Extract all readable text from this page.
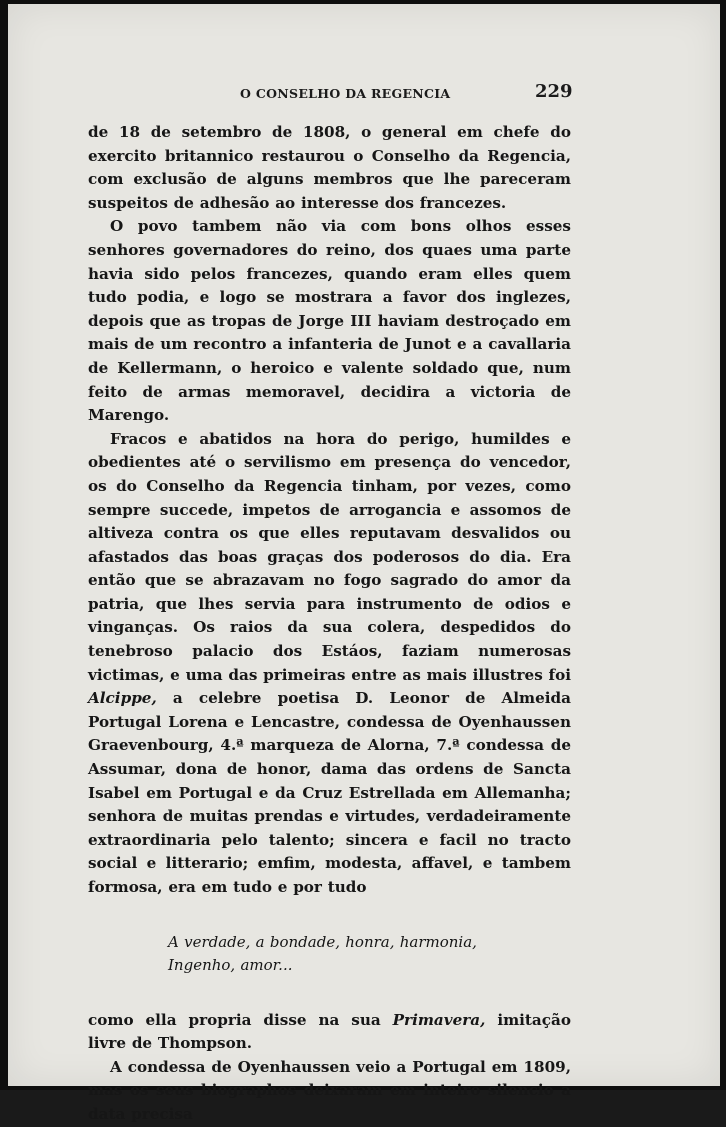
O CONSELHO DA REGENCIA	229

de 18 de setembro de 1808, o general em chefe do exercito britannico restaurou o Conselho da Regencia, com exclusão de alguns membros que lhe pareceram suspeitos de adhesão ao interesse dos francezes.

O povo tambem não via com bons olhos esses senhores governadores do reino, dos quaes uma parte havia sido pelos francezes, quando eram elles quem tudo podia, e logo se mostrara a favor dos inglezes, depois que as tropas de Jorge III haviam destroçado em mais de um recontro a infanteria de Junot e a cavallaria de Kellermann, o heroico e valente soldado que, num feito de armas memoravel, decidira a victoria de Marengo.

Fracos e abatidos na hora do perigo, humildes e obedientes até o servilismo em presença do vencedor, os do Conselho da Regencia tinham, por vezes, como sempre succede, impetos de arrogancia e assomos de altiveza contra os que elles reputavam desvalidos ou afastados das boas graças dos poderosos do dia. Era então que se abrazavam no fogo sagrado do amor da patria, que lhes servia para instrumento de odios e vinganças. Os raios da sua colera, despedidos do tenebroso palacio dos Estáos, faziam numerosas victimas, e uma das primeiras entre as mais illustres foi Alcippe, a celebre poetisa D. Leonor de Almeida Portugal Lorena e Lencastre, condessa de Oyenhaussen Graevenbourg, 4.ª marqueza de Alorna, 7.ª condessa de Assumar, dona de honor, dama das ordens de Sancta Isabel em Portugal e da Cruz Estrellada em Allemanha; senhora de muitas prendas e virtudes, verdadeiramente extraordinaria pelo talento; sincera e facil no tracto social e litterario; emfim, modesta, affavel, e tambem formosa, era em tudo e por tudo

A verdade, a bondade, honra, harmonia,
Ingenho, amor...

como ella propria disse na sua Primavera, imitação livre de Thompson.

A condessa de Oyenhaussen veio a Portugal em 1809, mas os seus biographos deixaram em inteiro silencio a data precisa
